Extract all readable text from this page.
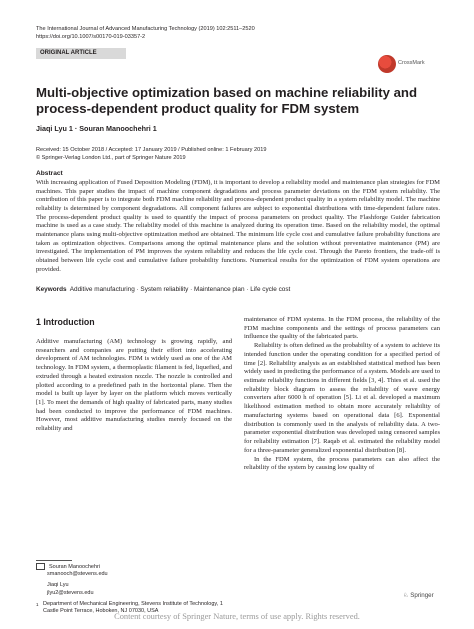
The International Journal of Advanced Manufacturing Technology (2019) 102:2511–2520
https://doi.org/10.1007/s00170-019-03357-2
ORIGINAL ARTICLE
CrossMark
Multi-objective optimization based on machine reliability and process-dependent product quality for FDM system
Jiaqi Lyu 1 · Souran Manoochehri 1
Received: 15 October 2018 / Accepted: 17 January 2019 / Published online: 1 February 2019
© Springer-Verlag London Ltd., part of Springer Nature 2019
Abstract
With increasing application of Fused Deposition Modeling (FDM), it is important to develop a reliability model and maintenance plan strategies for FDM machines. This paper studies the impact of machine component degradations and process parameter deviations on the FDM system reliability. The contribution of this paper is to integrate both FDM machine reliability and process-dependent product quality in a system reliability model. The machine reliability is determined by component degradations. All component failures are subject to exponential distributions with time-dependent failure rates. The process-dependent product quality is used to quantify the impact of process parameters on product quality. The Flashforge Guider fabrication machine is used as a case study. The reliability model of this machine is analyzed during its operation time. Based on the reliability model, the optimal maintenance plans using multi-objective optimization method are obtained. The minimum life cycle cost and cumulative failure probability functions are taken as optimization objectives. Comparisons among the optimal maintenance plans and the solution without preventative maintenance (PM) are investigated. The implementation of PM improves the system reliability and reduces the life cycle cost. Through the Pareto frontiers, the trade-off is obtained between life cycle cost and cumulative failure probability functions. Numerical results for the optimization of FDM system operations are provided.
Keywords Additive manufacturing · System reliability · Maintenance plan · Life cycle cost
1 Introduction

Additive manufacturing (AM) technology is growing rapidly, and researchers and companies are putting their effort into accelerating development of AM technologies. FDM is widely used as one of the AM technology. In FDM system, a thermoplastic filament is fed, liquefied, and extruded through a heated extrusion nozzle. The nozzle is controlled and plotted according to a predefined path in the horizontal plane. Then the model is built up layer by layer on the platform which moves vertically [1]. To meet the demands of high quality of fabricated parts, many studies had been conducted to improve the performance of FDM machines. However, most additive manufacturing studies merely focused on the reliability and

maintenance of FDM systems. In the FDM process, the reliability of the FDM machine components and the settings of process parameters can influence the quality of the fabricated parts.

Reliability is often defined as the probability of a system to achieve its intended function under the operating condition for a specified period of time [2]. Reliability analysis as an established statistical method has been widely used in predicting the performance of a system. Models are used to estimate reliability functions in different fields [3, 4]. Thies et al. used the reliability block diagram to assess the reliability of wave energy converters after 6000 h of operation [5]. Li et al. developed a maximum likelihood estimation method to obtain more accurately reliability of manufacturing systems based on operational data [6]. Exponential distribution is commonly used in the analysis of reliability data. A two-parameter exponential distribution was developed using censored samples for reliability estimation [7]. Raqab et al. estimated the reliability model for a three-parameter generalized exponential distribution [8].

In the FDM system, the process parameters can also affect the reliability of the system by causing low quality of

Souran Manoochehri
smanooch@stevens.edu
Jiaqi Lyu
jlyu2@stevens.edu
1 Department of Mechanical Engineering, Stevens Institute of Technology, 1 Castle Point Terrace, Hoboken, NJ 07030, USA
♘ Springer
Content courtesy of Springer Nature, terms of use apply. Rights reserved.
